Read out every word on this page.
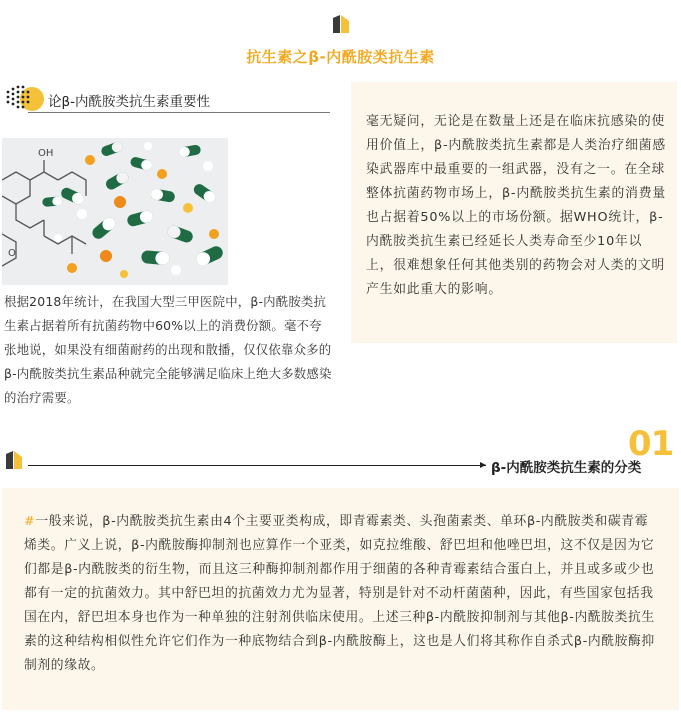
抗生素之β-内酰胺类抗生素
论β-内酰胺类抗生素重要性
OH
O
根据2018年统计，在我国大型三甲医院中，β-内酰胺类抗生素占据着所有抗菌药物中60%以上的消费份额。毫不夸张地说，如果没有细菌耐药的出现和散播，仅仅依靠众多的β-内酰胺类抗生素品种就完全能够满足临床上绝大多数感染的治疗需要。
毫无疑问，无论是在数量上还是在临床抗感染的使用价值上，β-内酰胺类抗生素都是人类治疗细菌感染武器库中最重要的一组武器，没有之一。在全球整体抗菌药物市场上，β-内酰胺类抗生素的消费量也占据着50%以上的市场份额。据WHO统计，β-内酰胺类抗生素已经延长人类寿命至少10年以上，很难想象任何其他类别的药物会对人类的文明产生如此重大的影响。
01
β-内酰胺类抗生素的分类
#一般来说，β-内酰胺类抗生素由4个主要亚类构成，即青霉素类、头孢菌素类、单环β-内酰胺类和碳青霉烯类。广义上说，β-内酰胺酶抑制剂也应算作一个亚类，如克拉维酸、舒巴坦和他唑巴坦，这不仅是因为它们都是β-内酰胺类的衍生物，而且这三种酶抑制剂都作用于细菌的各种青霉素结合蛋白上，并且或多或少也都有一定的抗菌效力。其中舒巴坦的抗菌效力尤为显著，特别是针对不动杆菌菌种，因此，有些国家包括我国在内，舒巴坦本身也作为一种单独的注射剂供临床使用。上述三种β-内酰胺抑制剂与其他β-内酰胺类抗生素的这种结构相似性允许它们作为一种底物结合到β-内酰胺酶上，这也是人们将其称作自杀式β-内酰胺酶抑制剂的缘故。
